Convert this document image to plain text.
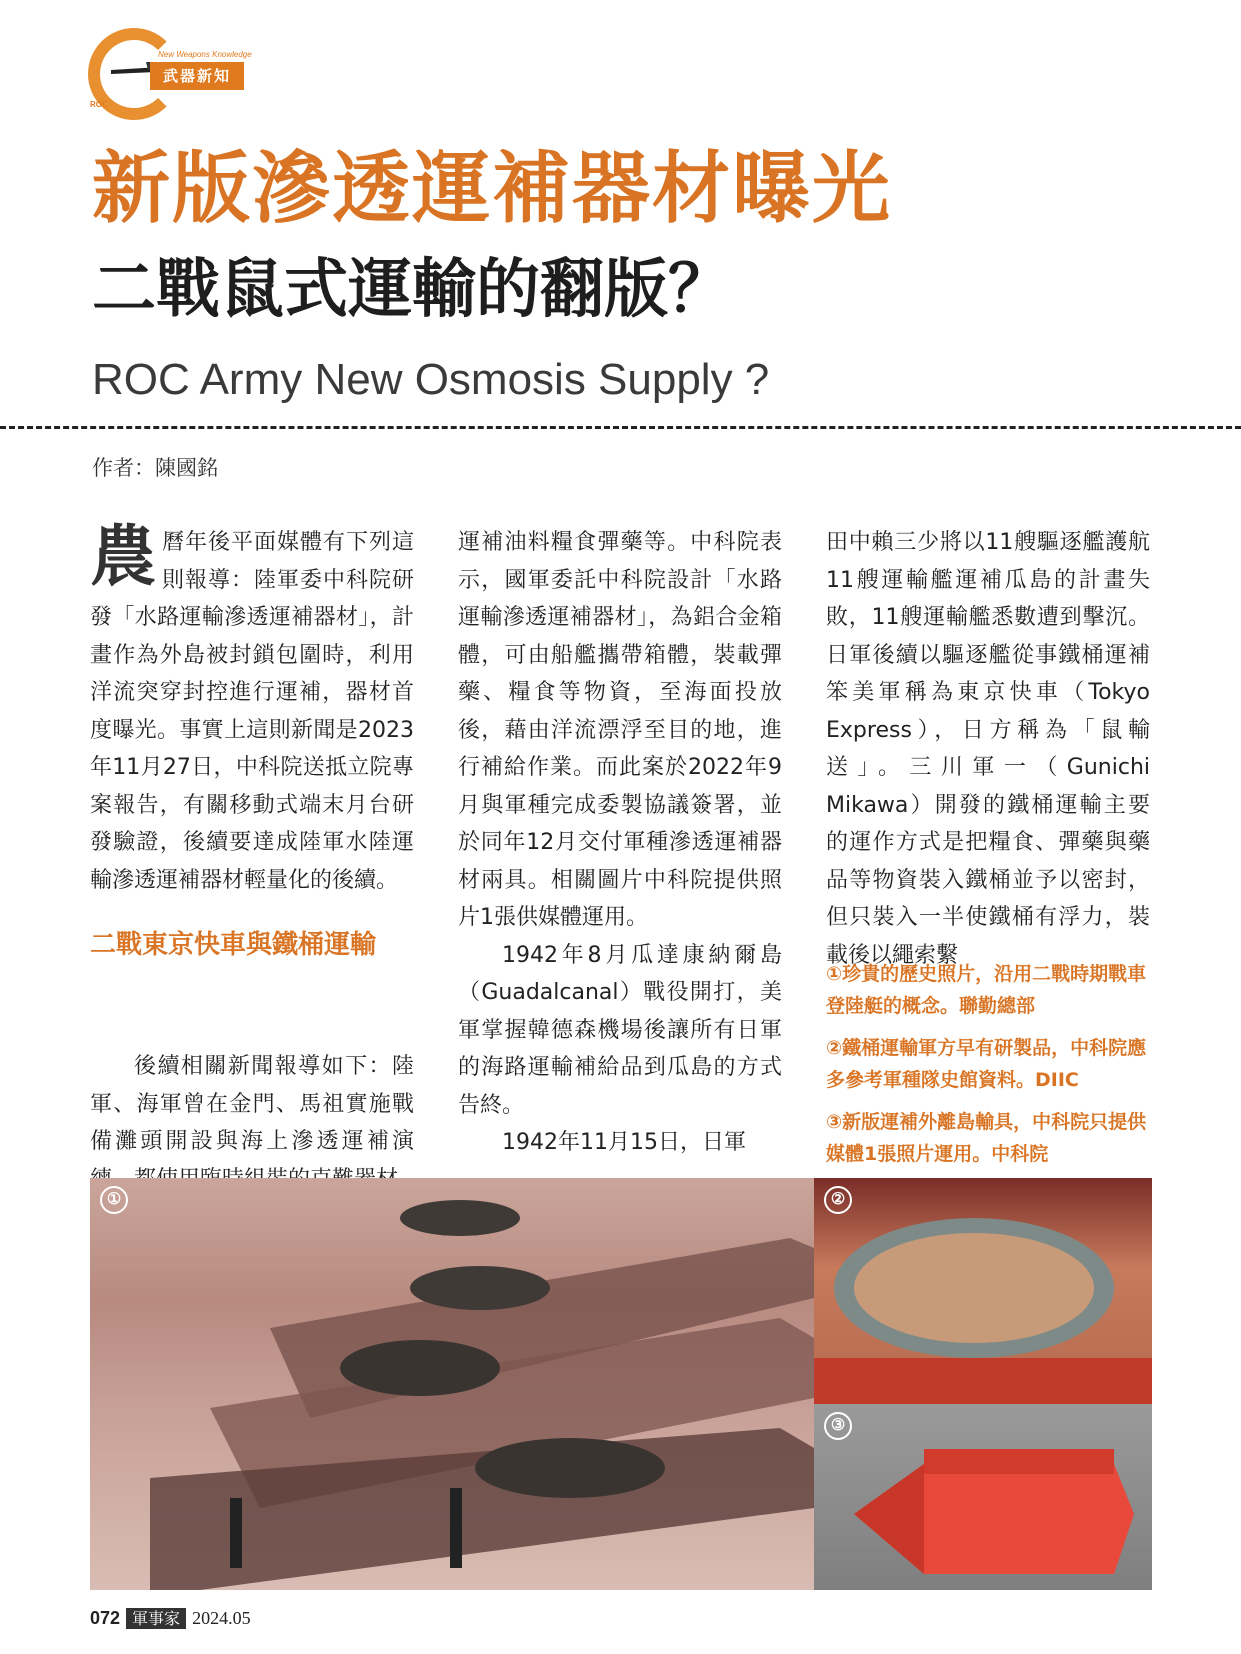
New Weapons Knowledge
武器新知
ROC
新版滲透運補器材曝光
二戰鼠式運輸的翻版？
ROC Army New Osmosis Supply ?
作者：陳國銘

農 曆年後平面媒體有下列這則報導：陸軍委中科院研發「水路運輸滲透運補器材」，計畫作為外島被封鎖包圍時，利用洋流突穿封控進行運補，器材首度曝光。事實上這則新聞是2023年11月27日，中科院送抵立院專案報告，有關移動式端末月台研發驗證，後續要達成陸軍水陸運輸滲透運補器材輕量化的後續。

二戰東京快車與鐵桶運輸

後續相關新聞報導如下：陸軍、海軍曾在金門、馬祖實施戰備灘頭開設與海上滲透運補演

運補油料糧食彈藥等。中科院表示，國軍委託中科院設計「水路運輸滲透運補器材」，為鋁合金箱體，可由船艦攜帶箱體，裝載彈藥、糧食等物資，至海面投放後，藉由洋流漂浮至目的地，進行補給作業。而此案於2022年9月與軍種完成委製協議簽署，並於同年12月交付軍種滲透運補器材兩具。相關圖片中科院提供照片1張供媒體運用。

1942年8月瓜達康納爾島（Guadalcanal）戰役開打，美軍掌握韓德森機場後讓所有日軍的海路運輸補給品到瓜島的方式告終。

1942年11月15日，日軍

田中賴三少將以11艘驅逐艦護航11艘運輸艦運補瓜島的計畫失敗，11艘運輸艦悉數遭到擊沉。日軍後續以驅逐艦從事鐵桶運補笨美軍稱為東京快車（Tokyo Express），日方稱為「鼠輸送」。三川軍一（Gunichi Mikawa）開發的鐵桶運輸主要的運作方式是把糧食、彈藥與藥品等物資裝入鐵桶並予以密封，但只裝入一半使鐵桶有浮力，裝載後以繩索繫

①珍貴的歷史照片，沿用二戰時期戰車登陸艇的概念。聯勤總部

②鐵桶運輸軍方早有研製品，中科院應多參考軍種隊史館資料。DIIC

③新版運補外離島輸具，中科院只提供媒體1張照片運用。中科院

①	②
③
072 軍事家 2024.05
